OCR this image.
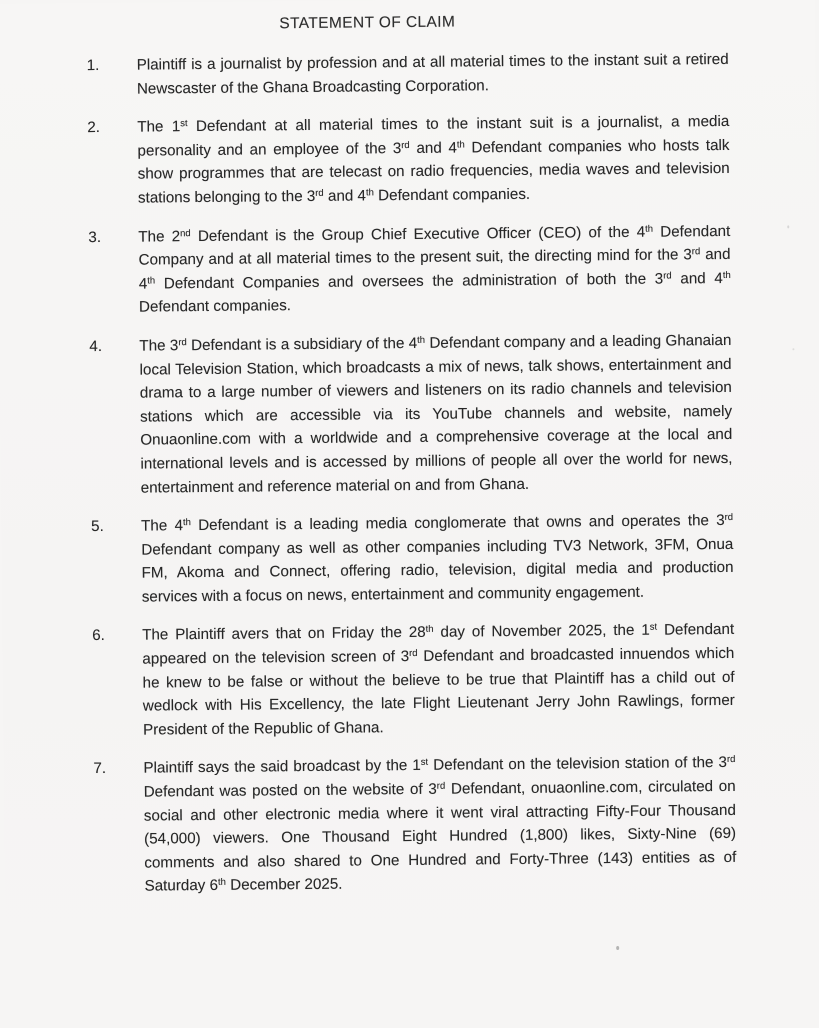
STATEMENT OF CLAIM
1.	Plaintiff is a journalist by profession and at all material times to the instant suit a retired Newscaster of the Ghana Broadcasting Corporation.
2.	The 1st Defendant at all material times to the instant suit is a journalist, a media personality and an employee of the 3rd and 4th Defendant companies who hosts talk show programmes that are telecast on radio frequencies, media waves and television stations belonging to the 3rd and 4th Defendant companies.
3.	The 2nd Defendant is the Group Chief Executive Officer (CEO) of the 4th Defendant Company and at all material times to the present suit, the directing mind for the 3rd and 4th Defendant Companies and oversees the administration of both the 3rd and 4th Defendant companies.
4.	The 3rd Defendant is a subsidiary of the 4th Defendant company and a leading Ghanaian local Television Station, which broadcasts a mix of news, talk shows, entertainment and drama to a large number of viewers and listeners on its radio channels and television stations which are accessible via its YouTube channels and website, namely Onuaonline.com with a worldwide and a comprehensive coverage at the local and international levels and is accessed by millions of people all over the world for news, entertainment and reference material on and from Ghana.
5.	The 4th Defendant is a leading media conglomerate that owns and operates the 3rd Defendant company as well as other companies including TV3 Network, 3FM, Onua FM, Akoma and Connect, offering radio, television, digital media and production services with a focus on news, entertainment and community engagement.
6.	The Plaintiff avers that on Friday the 28th day of November 2025, the 1st Defendant appeared on the television screen of 3rd Defendant and broadcasted innuendos which he knew to be false or without the believe to be true that Plaintiff has a child out of wedlock with His Excellency, the late Flight Lieutenant Jerry John Rawlings, former President of the Republic of Ghana.
7.	Plaintiff says the said broadcast by the 1st Defendant on the television station of the 3rd Defendant was posted on the website of 3rd Defendant, onuaonline.com, circulated on social and other electronic media where it went viral attracting Fifty-Four Thousand (54,000) viewers. One Thousand Eight Hundred (1,800) likes, Sixty-Nine (69) comments and also shared to One Hundred and Forty-Three (143) entities as of Saturday 6th December 2025.
